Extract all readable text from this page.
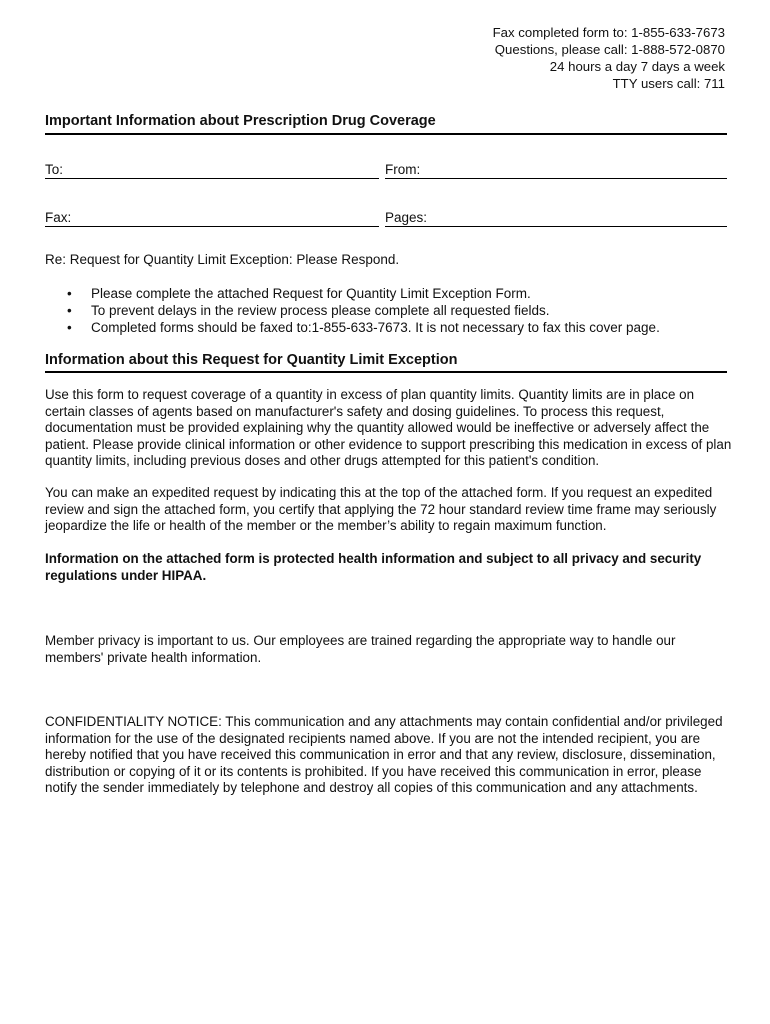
Fax completed form to: 1-855-633-7673
Questions, please call: 1-888-572-0870
24 hours a day 7 days a week
TTY users call: 711
Important Information about Prescription Drug Coverage
To:	From:
Fax:	Pages:
Re: Request for Quantity Limit Exception: Please Respond.
• Please complete the attached Request for Quantity Limit Exception Form.
• To prevent delays in the review process please complete all requested fields.
• Completed forms should be faxed to:1-855-633-7673. It is not necessary to fax this cover page.
Information about this Request for Quantity Limit Exception

Use this form to request coverage of a quantity in excess of plan quantity limits. Quantity limits are in place on certain classes of agents based on manufacturer's safety and dosing guidelines. To process this request, documentation must be provided explaining why the quantity allowed would be ineffective or adversely affect the patient. Please provide clinical information or other evidence to support prescribing this medication in excess of plan quantity limits, including previous doses and other drugs attempted for this patient's condition.

You can make an expedited request by indicating this at the top of the attached form. If you request an expedited review and sign the attached form, you certify that applying the 72 hour standard review time frame may seriously jeopardize the life or health of the member or the member’s ability to regain maximum function.

Information on the attached form is protected health information and subject to all privacy and security regulations under HIPAA.

Member privacy is important to us. Our employees are trained regarding the appropriate way to handle our members' private health information.

CONFIDENTIALITY NOTICE: This communication and any attachments may contain confidential and/or privileged information for the use of the designated recipients named above. If you are not the intended recipient, you are hereby notified that you have received this communication in error and that any review, disclosure, dissemination, distribution or copying of it or its contents is prohibited. If you have received this communication in error, please notify the sender immediately by telephone and destroy all copies of this communication and any attachments.
